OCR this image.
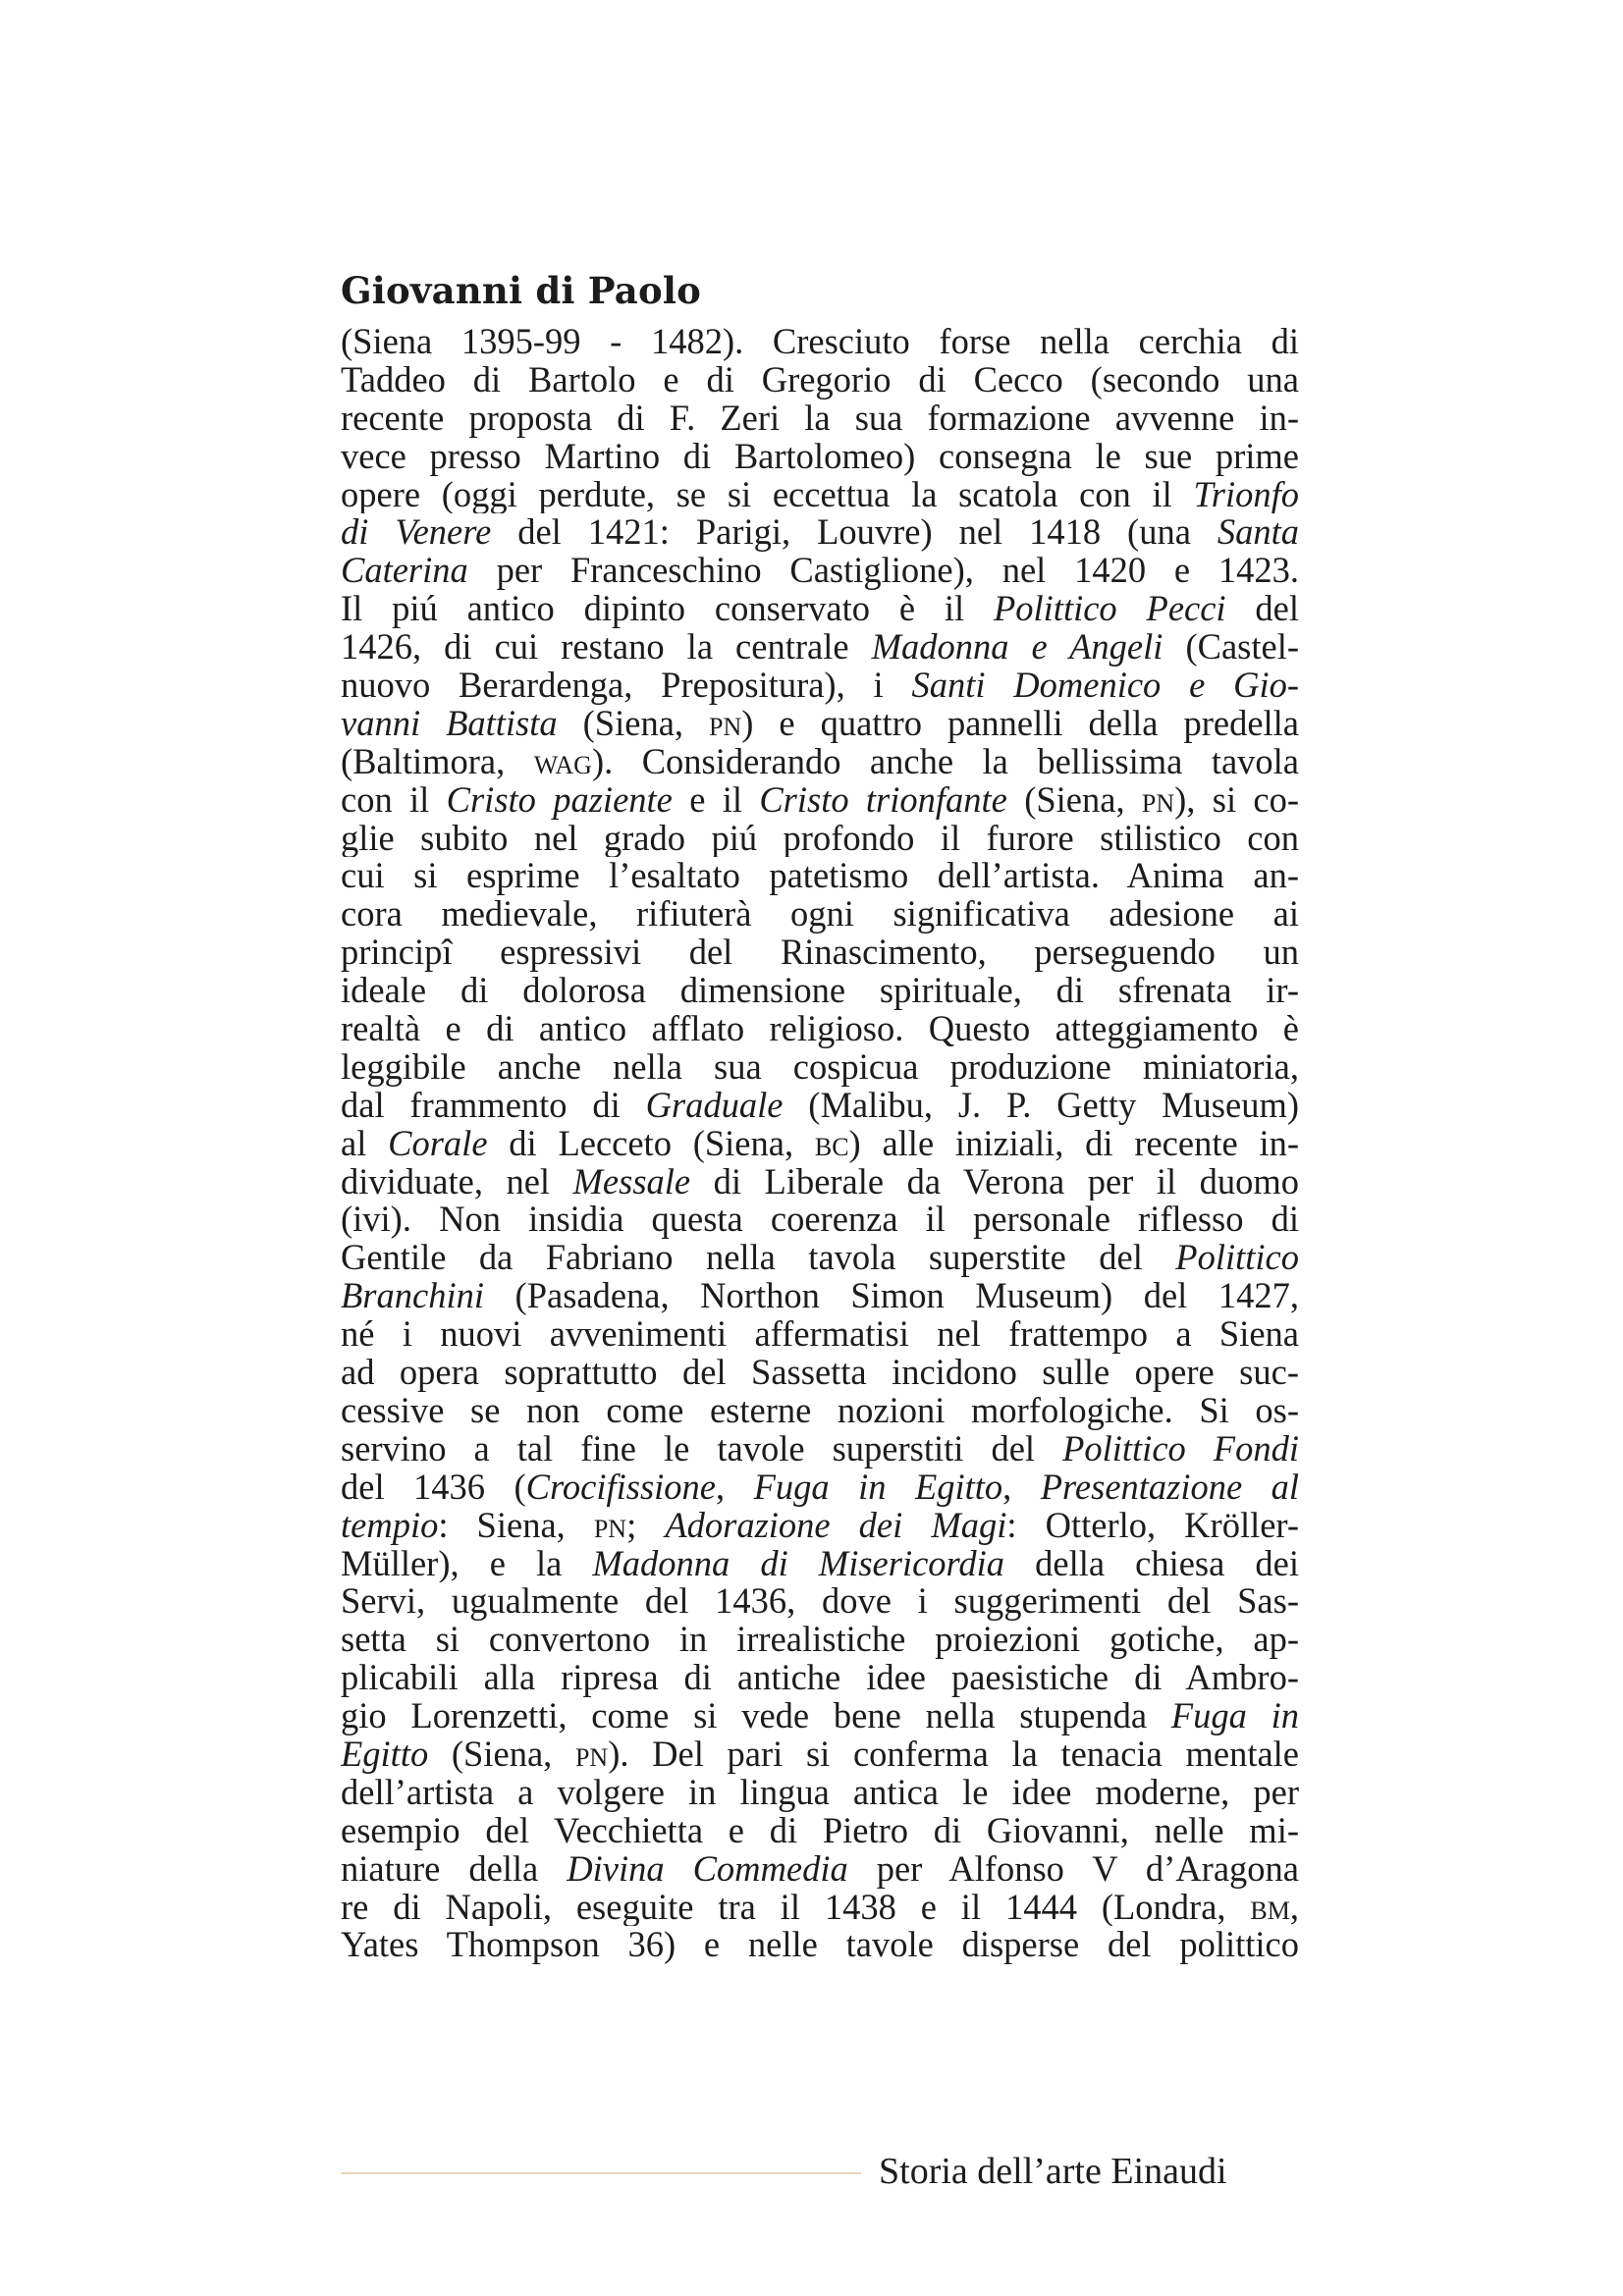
Giovanni di Paolo
(Siena 1395-99 - 1482). Cresciuto forse nella cerchia di
Taddeo di Bartolo e di Gregorio di Cecco (secondo una
recente proposta di F. Zeri la sua formazione avvenne in-
vece presso Martino di Bartolomeo) consegna le sue prime
opere (oggi perdute, se si eccettua la scatola con il Trionfo
di Venere del 1421: Parigi, Louvre) nel 1418 (una Santa
Caterina per Franceschino Castiglione), nel 1420 e 1423.
Il piú antico dipinto conservato è il Polittico Pecci del
1426, di cui restano la centrale Madonna e Angeli (Castel-
nuovo Berardenga, Prepositura), i Santi Domenico e Gio-
vanni Battista (Siena, pn) e quattro pannelli della predella
(Baltimora, wag). Considerando anche la bellissima tavola
con il Cristo paziente e il Cristo trionfante (Siena, pn), si co-
glie subito nel grado piú profondo il furore stilistico con
cui si esprime l’esaltato patetismo dell’artista. Anima an-
cora medievale, rifiuterà ogni significativa adesione ai
principî espressivi del Rinascimento, perseguendo un
ideale di dolorosa dimensione spirituale, di sfrenata ir-
realtà e di antico afflato religioso. Questo atteggiamento è
leggibile anche nella sua cospicua produzione miniatoria,
dal frammento di Graduale (Malibu, J. P. Getty Museum)
al Corale di Lecceto (Siena, bc) alle iniziali, di recente in-
dividuate, nel Messale di Liberale da Verona per il duomo
(ivi). Non insidia questa coerenza il personale riflesso di
Gentile da Fabriano nella tavola superstite del Polittico
Branchini (Pasadena, Northon Simon Museum) del 1427,
né i nuovi avvenimenti affermatisi nel frattempo a Siena
ad opera soprattutto del Sassetta incidono sulle opere suc-
cessive se non come esterne nozioni morfologiche. Si os-
servino a tal fine le tavole superstiti del Polittico Fondi
del 1436 (Crocifissione, Fuga in Egitto, Presentazione al
tempio: Siena, pn; Adorazione dei Magi: Otterlo, Kröller-
Müller), e la Madonna di Misericordia della chiesa dei
Servi, ugualmente del 1436, dove i suggerimenti del Sas-
setta si convertono in irrealistiche proiezioni gotiche, ap-
plicabili alla ripresa di antiche idee paesistiche di Ambro-
gio Lorenzetti, come si vede bene nella stupenda Fuga in
Egitto (Siena, pn). Del pari si conferma la tenacia mentale
dell’artista a volgere in lingua antica le idee moderne, per
esempio del Vecchietta e di Pietro di Giovanni, nelle mi-
niature della Divina Commedia per Alfonso V d’Aragona
re di Napoli, eseguite tra il 1438 e il 1444 (Londra, bm,
Yates Thompson 36) e nelle tavole disperse del polittico

Storia dell’arte Einaudi
